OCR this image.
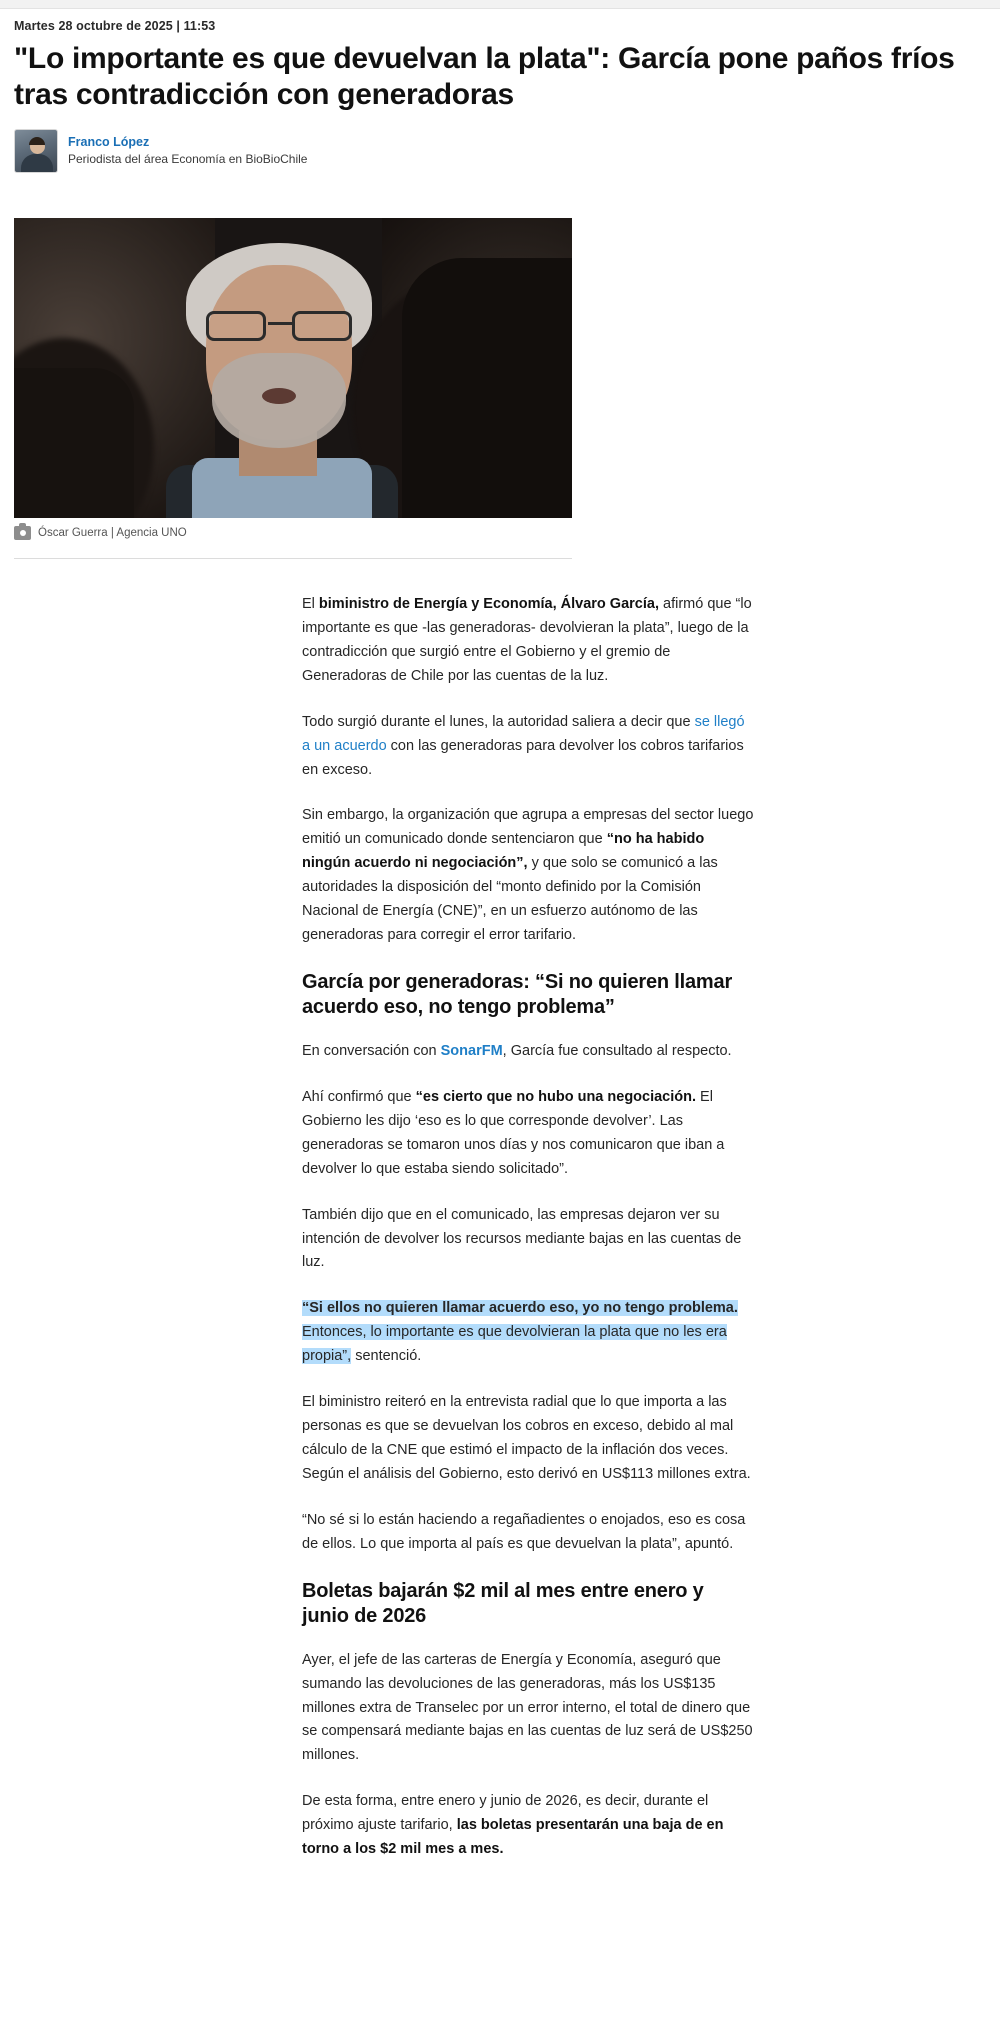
Martes 28 octubre de 2025 | 11:53
"Lo importante es que devuelvan la plata": García pone paños fríos tras contradicción con generadoras
Franco López
Periodista del área Economía en BioBioChile
Óscar Guerra | Agencia UNO

El biministro de Energía y Economía, Álvaro García, afirmó que “lo importante es que -las generadoras- devolvieran la plata”, luego de la contradicción que surgió entre el Gobierno y el gremio de Generadoras de Chile por las cuentas de la luz.

Todo surgió durante el lunes, la autoridad saliera a decir que se llegó a un acuerdo con las generadoras para devolver los cobros tarifarios en exceso.

Sin embargo, la organización que agrupa a empresas del sector luego emitió un comunicado donde sentenciaron que “no ha habido ningún acuerdo ni negociación”, y que solo se comunicó a las autoridades la disposición del “monto definido por la Comisión Nacional de Energía (CNE)”, en un esfuerzo autónomo de las generadoras para corregir el error tarifario.

García por generadoras: “Si no quieren llamar acuerdo eso, no tengo problema”

En conversación con SonarFM, García fue consultado al respecto.

Ahí confirmó que “es cierto que no hubo una negociación. El Gobierno les dijo ‘eso es lo que corresponde devolver’. Las generadoras se tomaron unos días y nos comunicaron que iban a devolver lo que estaba siendo solicitado”.

También dijo que en el comunicado, las empresas dejaron ver su intención de devolver los recursos mediante bajas en las cuentas de luz.

“Si ellos no quieren llamar acuerdo eso, yo no tengo problema. Entonces, lo importante es que devolvieran la plata que no les era propia”, sentenció.

El biministro reiteró en la entrevista radial que lo que importa a las personas es que se devuelvan los cobros en exceso, debido al mal cálculo de la CNE que estimó el impacto de la inflación dos veces. Según el análisis del Gobierno, esto derivó en US$113 millones extra.

“No sé si lo están haciendo a regañadientes o enojados, eso es cosa de ellos. Lo que importa al país es que devuelvan la plata”, apuntó.

Boletas bajarán $2 mil al mes entre enero y junio de 2026

Ayer, el jefe de las carteras de Energía y Economía, aseguró que sumando las devoluciones de las generadoras, más los US$135 millones extra de Transelec por un error interno, el total de dinero que se compensará mediante bajas en las cuentas de luz será de US$250 millones.

De esta forma, entre enero y junio de 2026, es decir, durante el próximo ajuste tarifario, las boletas presentarán una baja de en torno a los $2 mil mes a mes.
